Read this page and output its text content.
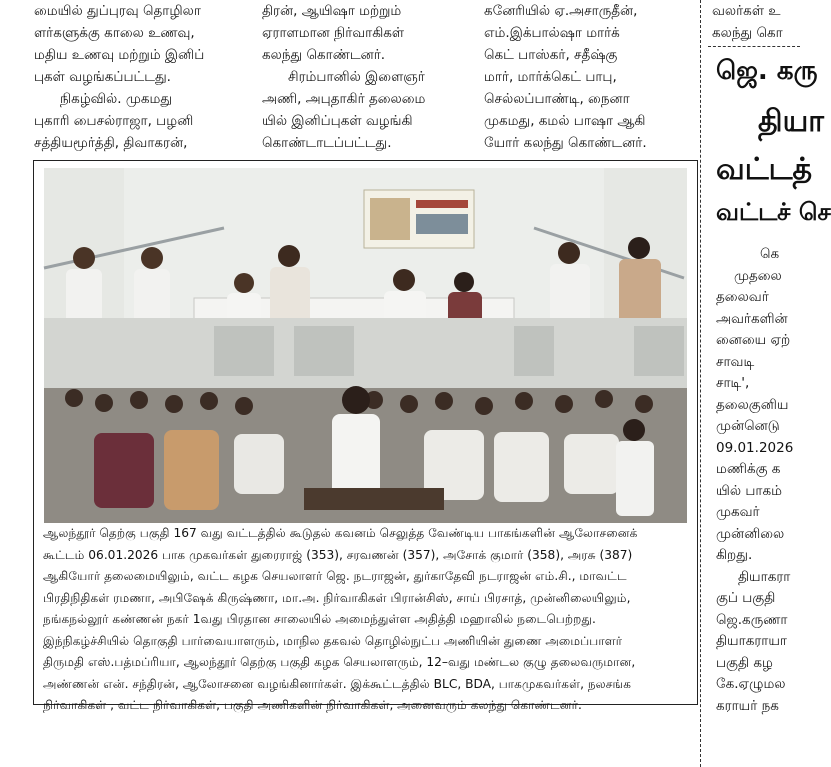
மையில் துப்புரவு தொழிலா

ளர்களுக்கு காலை உணவு,

மதிய உணவு மற்றும் இனிப்

புகள் வழங்கப்பட்டது.

நிகழ்வில். முகமது

புகாரி பைசல்ராஜா, பழனி

சத்தியமூர்த்தி, திவாகரன்,

திரன், ஆயிஷா மற்றும்

ஏராளமான நிர்வாகிகள்

கலந்து கொண்டனர்.

சிரம்பானில் இளைஞர்

அணி, அபுதாகிர் தலைமை

யில் இனிப்புகள் வழங்கி

கொண்டாடப்பட்டது.

கனேரியில் ஏ.அசாருதீன்,

எம்.இக்பால்ஷா மார்க்

கெட் பாஸ்கர், சதீஷ்கு

மார், மார்க்கெட் பாபு,

செல்லப்பாண்டி, நைனா

முகமது, கமல் பாஷா ஆகி

யோர் கலந்து கொண்டனர்.

வலர்கள் உ
கலந்து கொ
ஜெ. கரு
தியா
வட்டத்
வட்டச் செ

கெ

முதலை

தலைவர்

அவர்களின்

னையை ஏற்

சாவடி

சாடி',

தலைகுனிய

முன்னெடு

09.01.2026

மணிக்கு க

யில் பாகம்

முகவர்

முன்னிலை

கிறது.

தியாகரா

குப் பகுதி

ஜெ.கருணா

தியாகராயா

பகுதி கழ

கே.ஏழுமல

கராயர் நக

ஆலந்தூர் தெற்கு பகுதி 167 வது வட்டத்தில் கூடுதல் கவனம் செலுத்த வேண்டிய பாகங்களின் ஆலோசனைக்

கூட்டம் 06.01.2026 பாக முகவர்கள் துரைராஜ் (353), சரவணன் (357), அசோக் குமார் (358), அரசு (387)

ஆகியோர் தலைமையிலும், வட்ட கழக செயலாளர் ஜெ. நடராஜன், துர்காதேவி நடராஜன் எம்.சி., மாவட்ட

பிரதிநிதிகள் ரமணா, அபிஷேக் கிருஷ்ணா, மா.அ. நிர்வாகிகள் பிரான்சிஸ், சாய் பிரசாத், முன்னிலையிலும்,

நங்கநல்லூர் கண்ணன் நகர் 1வது பிரதான சாலையில் அமைந்துள்ள அதித்தி மஹாலில் நடைபெற்றது.

இந்நிகழ்ச்சியில் தொகுதி பார்வையாளரும், மாநில தகவல் தொழில்நுட்ப அணியின் துணை அமைப்பாளர்

திருமதி எஸ்.பத்மப்ரியா, ஆலந்தூர் தெற்கு பகுதி கழக செயலாளரும், 12–வது மண்டல குழு தலைவருமான,

அண்ணன் என். சந்திரன், ஆலோசனை வழங்கினார்கள். இக்கூட்டத்தில் BLC, BDA, பாகமுகவர்கள், நலசங்க

நிர்வாகிகள் , வட்ட நிர்வாகிகள், பகுதி அணிகளின் நிர்வாகிகள், அனைவரும் கலந்து கொண்டனர்.
